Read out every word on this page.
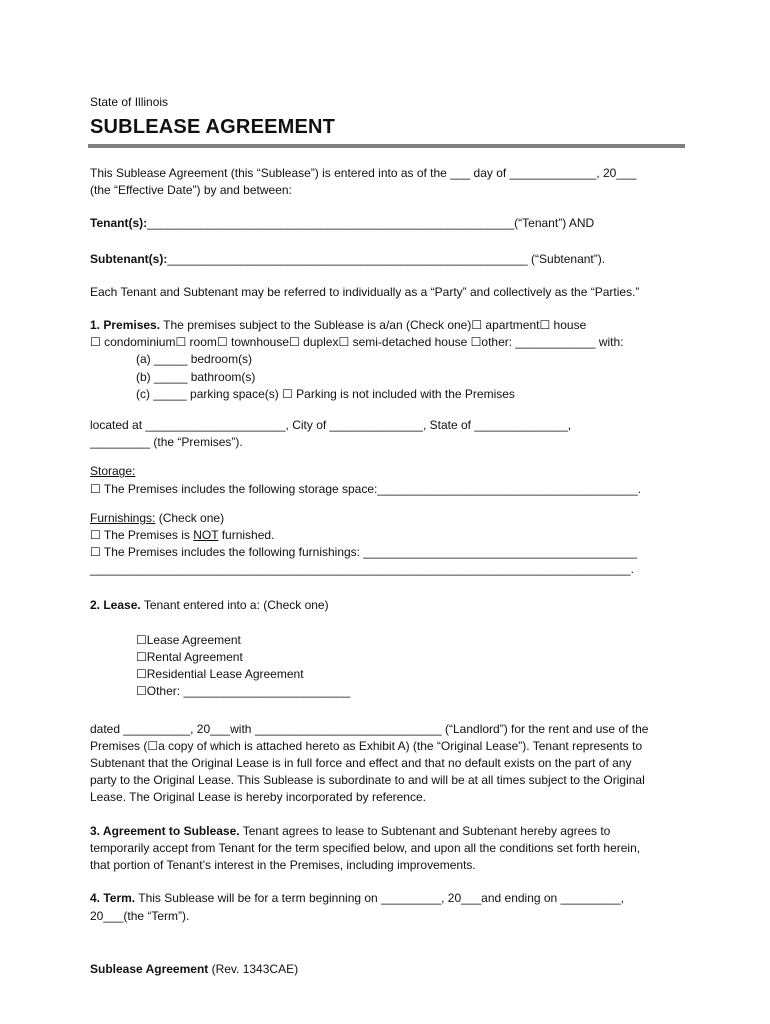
State of Illinois
SUBLEASE AGREEMENT

This Sublease Agreement (this “Sublease”) is entered into as of the ___ day of _____________, 20___

(the “Effective Date”) by and between:

Tenant(s):_______________________________________________________(“Tenant”) AND

Subtenant(s):______________________________________________________ (“Subtenant”).

Each Tenant and Subtenant may be referred to individually as a “Party” and collectively as the “Parties.”

1. Premises. The premises subject to the Sublease is a/an (Check one)☐ apartment☐ house

☐ condominium☐ room☐ townhouse☐ duplex☐ semi-detached house ☐other: ____________ with:

(a) _____ bedroom(s)

(b) _____ bathroom(s)

(c) _____ parking space(s) ☐ Parking is not included with the Premises

located at _____________________, City of ______________, State of ______________,

_________ (the “Premises”).

Storage:

☐ The Premises includes the following storage space:_______________________________________.

Furnishings: (Check one)

☐ The Premises is NOT furnished.

☐ The Premises includes the following furnishings: _________________________________________

_________________________________________________________________________________.

2. Lease. Tenant entered into a: (Check one)

☐Lease Agreement

☐Rental Agreement

☐Residential Lease Agreement

☐Other: _________________________

dated __________, 20___with ____________________________ (“Landlord”) for the rent and use of the

Premises (☐a copy of which is attached hereto as Exhibit A) (the “Original Lease”). Tenant represents to

Subtenant that the Original Lease is in full force and effect and that no default exists on the part of any

party to the Original Lease. This Sublease is subordinate to and will be at all times subject to the Original

Lease. The Original Lease is hereby incorporated by reference.

3. Agreement to Sublease. Tenant agrees to lease to Subtenant and Subtenant hereby agrees to

temporarily accept from Tenant for the term specified below, and upon all the conditions set forth herein,

that portion of Tenant’s interest in the Premises, including improvements.

4. Term. This Sublease will be for a term beginning on _________, 20___and ending on _________,

20___(the “Term”).

Sublease Agreement (Rev. 1343CAE)
